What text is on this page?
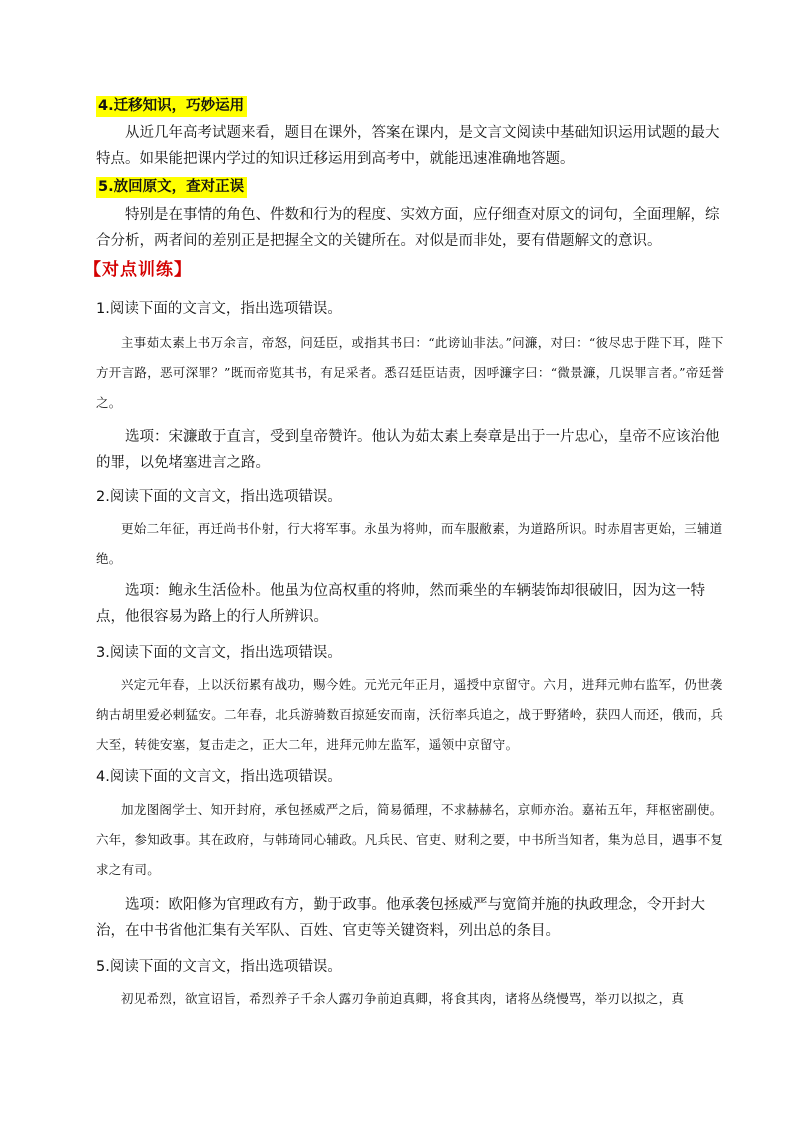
4.迁移知识，巧妙运用
从近几年高考试题来看，题目在课外，答案在课内，是文言文阅读中基础知识运用试题的最大特点。如果能把课内学过的知识迁移运用到高考中，就能迅速准确地答题。
5.放回原文，查对正误
特别是在事情的角色、件数和行为的程度、实效方面，应仔细查对原文的词句，全面理解，综合分析，两者间的差别正是把握全文的关键所在。对似是而非处，要有借题解文的意识。
【对点训练】
1.阅读下面的文言文，指出选项错误。
主事茹太素上书万余言，帝怒，问廷臣，或指其书曰：“此谤讪非法。”问濂，对曰：“彼尽忠于陛下耳，陛下方开言路，恶可深罪？”既而帝览其书，有足采者。悉召廷臣诘责，因呼濂字曰：“微景濂，几误罪言者。”帝廷誉之。
选项：宋濂敢于直言，受到皇帝赞许。他认为茹太素上奏章是出于一片忠心，皇帝不应该治他的罪，以免堵塞进言之路。
2.阅读下面的文言文，指出选项错误。
更始二年征，再迁尚书仆射，行大将军事。永虽为将帅，而车服敝素，为道路所识。时赤眉害更始，三辅道绝。
选项：鲍永生活俭朴。他虽为位高权重的将帅，然而乘坐的车辆装饰却很破旧，因为这一特点，他很容易为路上的行人所辨识。
3.阅读下面的文言文，指出选项错误。
兴定元年春，上以沃衍累有战功，赐今姓。元光元年正月，遥授中京留守。六月，进拜元帅右监军，仍世袭纳古胡里爱必剌猛安。二年春，北兵游骑数百掠延安而南，沃衍率兵追之，战于野猪岭，获四人而还，俄而，兵大至，转徙安塞，复击走之，正大二年，进拜元帅左监军，遥领中京留守。
4.阅读下面的文言文，指出选项错误。
加龙图阁学士、知开封府，承包拯威严之后，简易循理，不求赫赫名，京师亦治。嘉祐五年，拜枢密副使。六年，参知政事。其在政府，与韩琦同心辅政。凡兵民、官吏、财利之要，中书所当知者，集为总目，遇事不复求之有司。
选项：欧阳修为官理政有方，勤于政事。他承袭包拯威严与宽简并施的执政理念，令开封大治，在中书省他汇集有关军队、百姓、官吏等关键资料，列出总的条目。
5.阅读下面的文言文，指出选项错误。
初见希烈，欲宣诏旨，希烈养子千余人露刃争前迫真卿，将食其肉，诸将丛绕慢骂，举刃以拟之，真
